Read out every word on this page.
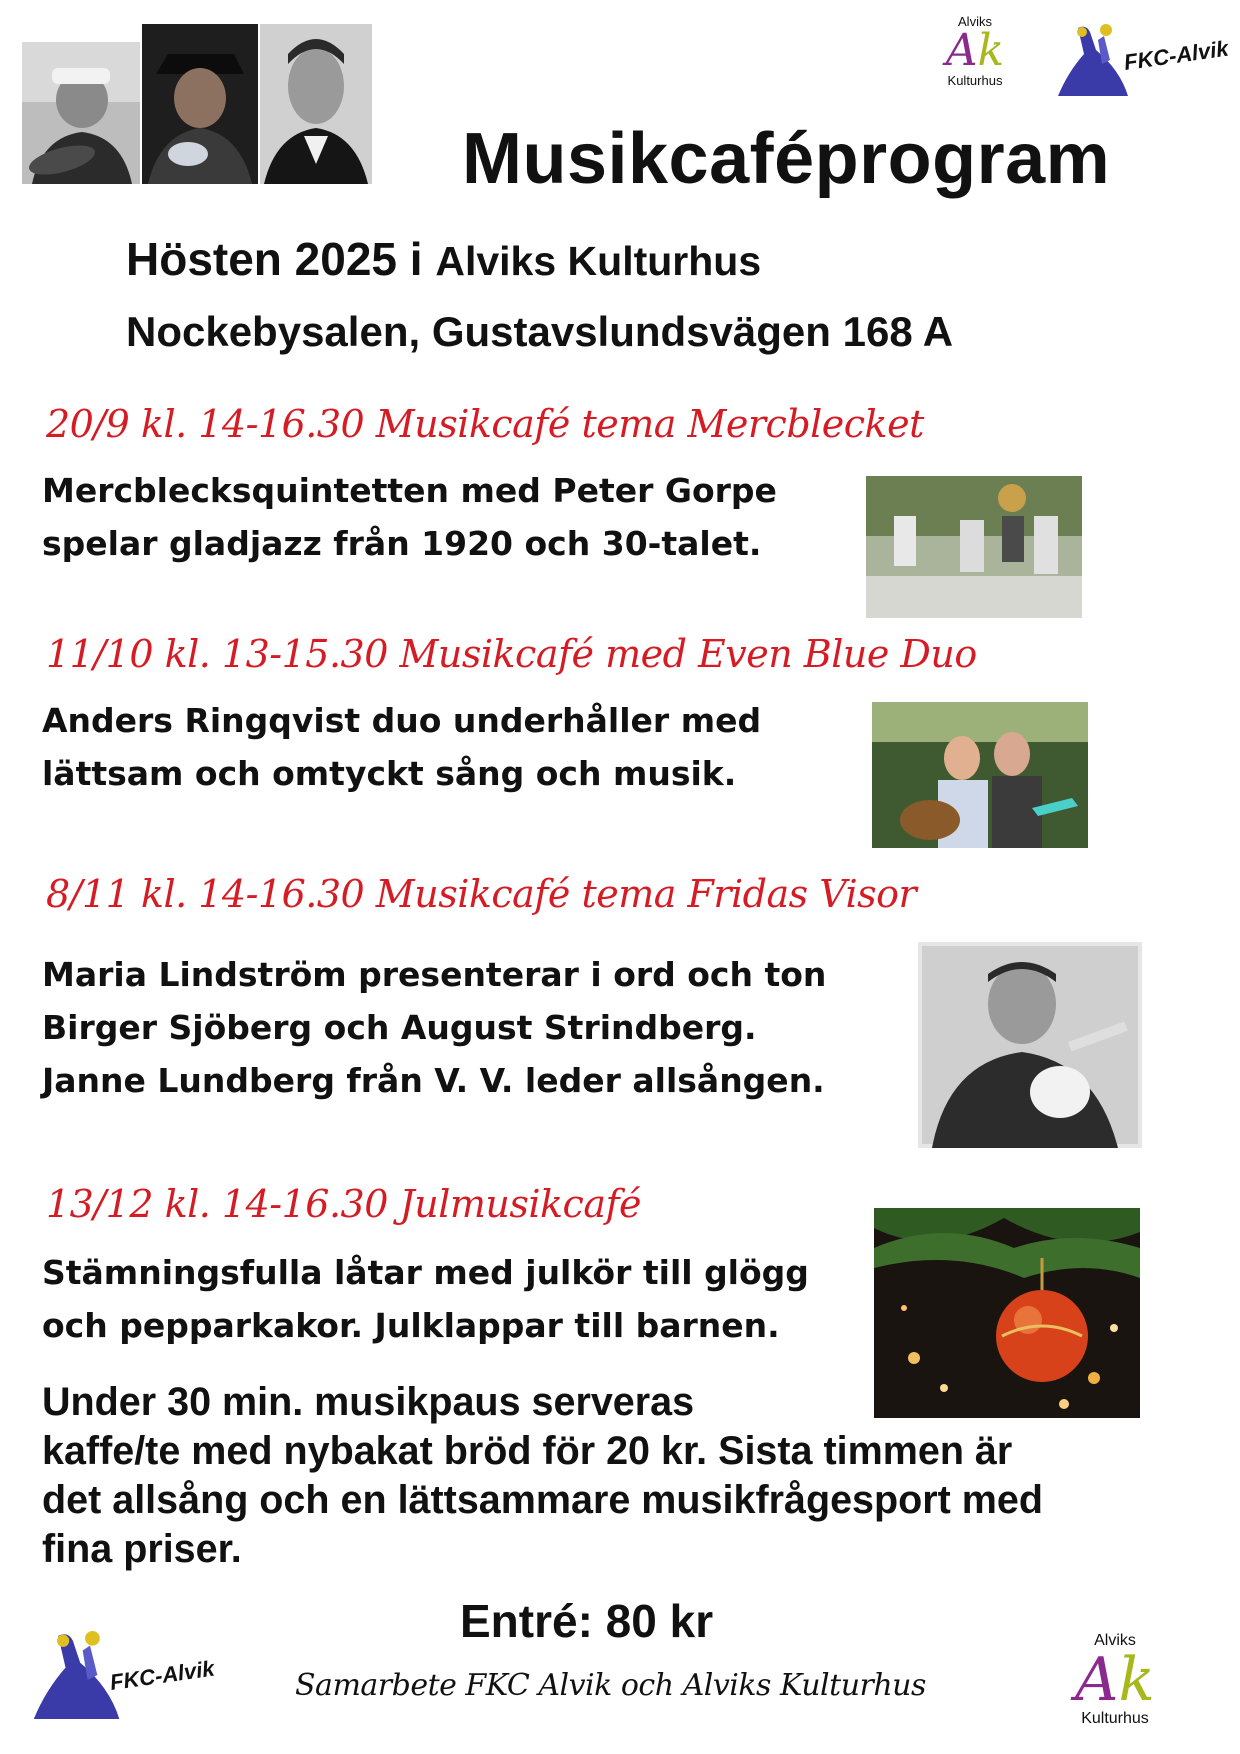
Alviks
Ak
Kulturhus
FKC-Alvik
Musikcaféprogram
Hösten 2025 i Alviks Kulturhus
Nockebysalen, Gustavslundsvägen 168 A
20/9 kl. 14-16.30 Musikcafé tema Mercblecket
Mercblecksquintetten med Peter Gorpe
spelar gladjazz från 1920 och 30-talet.
11/10 kl. 13-15.30 Musikcafé med Even Blue Duo
Anders Ringqvist duo underhåller med
lättsam och omtyckt sång och musik.
8/11 kl. 14-16.30 Musikcafé tema Fridas Visor
Maria Lindström presenterar i ord och ton
Birger Sjöberg och August Strindberg.
Janne Lundberg från V. V. leder allsången.
13/12 kl. 14-16.30 Julmusikcafé
Stämningsfulla låtar med julkör till glögg
och pepparkakor. Julklappar till barnen.
Under 30 min. musikpaus serveras
kaffe/te med nybakat bröd för 20 kr. Sista timmen är
det allsång och en lättsammare musikfrågesport med
fina priser.
Entré: 80 kr
FKC-Alvik	Samarbete FKC Alvik och Alviks Kulturhus
Alviks
Ak
Kulturhus
